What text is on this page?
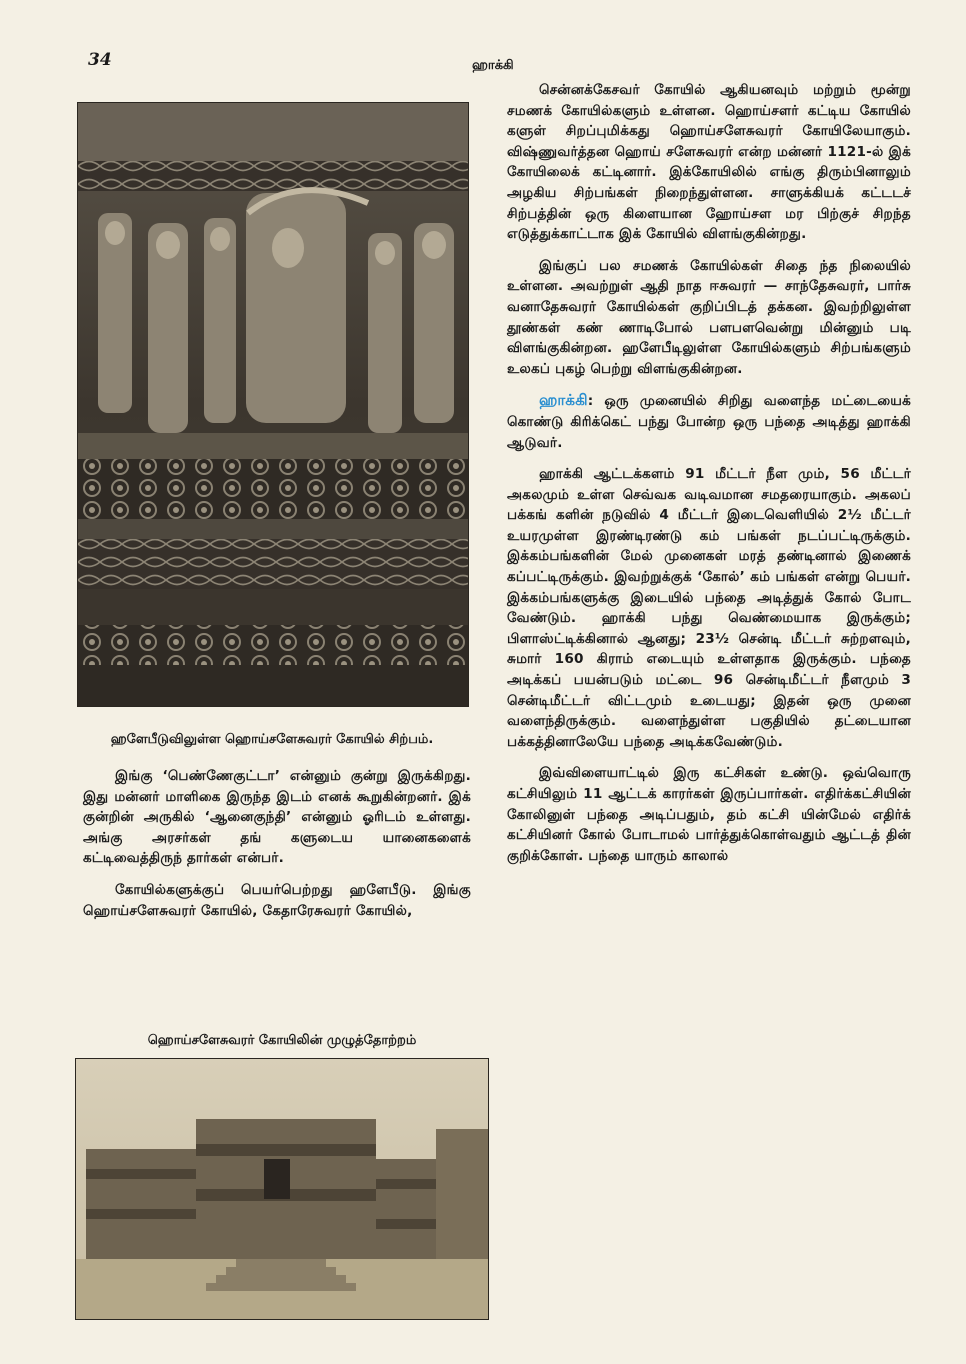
34	ஹாக்கி
ஹளேபீடுவிலுள்ள ஹொய்சளேசுவரர் கோயில் சிற்பம்.

இங்கு ‘பெண்ணேகுட்டா’ என்னும் குன்று இருக்கிறது. இது மன்னர் மாளிகை இருந்த இடம் எனக் கூறுகின்றனர். இக் குன்றின் அருகில் ‘ஆனைகுந்தி’ என்னும் ஓரிடம் உள்ளது. அங்கு அரசர்கள் தங் களுடைய யானைகளைக் கட்டிவைத்திருந் தார்கள் என்பர்.

கோயில்களுக்குப் பெயர்பெற்றது ஹளேபீடு. இங்கு ஹொய்சளேசுவரர் கோயில், கேதாரேசுவரர் கோயில்,

ஹொய்சளேசுவரர் கோயிலின் முழுத்தோற்றம்

சென்னக்கேசவர் கோயில் ஆகியனவும் மற்றும் மூன்று சமணக் கோயில்களும் உள்ளன. ஹொய்சளர் கட்டிய கோயில் களுள் சிறப்புமிக்கது ஹொய்சளேசுவரர் கோயிலேயாகும். விஷ்ணுவர்த்தன ஹொய் சளேசுவரர் என்ற மன்னர் 1121-ல் இக் கோயிலைக் கட்டினார். இக்கோயிலில் எங்கு திரும்பினாலும் அழகிய சிற்பங்கள் நிறைந்துள்ளன. சாளுக்கியக் கட்டடச் சிற்பத்தின் ஒரு கிளையான ஹோய்சள மர பிற்குச் சிறந்த எடுத்துக்காட்டாக இக் கோயில் விளங்குகின்றது.

இங்குப் பல சமணக் கோயில்கள் சிதை ந்த நிலையில் உள்ளன. அவற்றுள் ஆதி நாத ஈசுவரர் — சாந்தேசுவரர், பார்சு வனாதேசுவரர் கோயில்கள் குறிப்பிடத் தக்கன. இவற்றிலுள்ள தூண்கள் கண் ணாடிபோல் பளபளவென்று மின்னும் படி விளங்குகின்றன. ஹளேபீடிலுள்ள கோயில்களும் சிற்பங்களும் உலகப் புகழ் பெற்று விளங்குகின்றன.

ஹாக்கி: ஒரு முனையில் சிறிது வளைந்த மட்டையைக் கொண்டு கிரிக்கெட் பந்து போன்ற ஒரு பந்தை அடித்து ஹாக்கி ஆடுவர்.

ஹாக்கி ஆட்டக்களம் 91 மீட்டர் நீள மும், 56 மீட்டர் அகலமும் உள்ள செவ்வக வடிவமான சமதரையாகும். அகலப் பக்கங் களின் நடுவில் 4 மீட்டர் இடைவெளியில் 2½ மீட்டர் உயரமுள்ள இரண்டிரண்டு கம் பங்கள் நடப்பட்டிருக்கும். இக்கம்பங்களின் மேல் முனைகள் மரத் தண்டினால் இணைக் கப்பட்டிருக்கும். இவற்றுக்குக் ‘கோல்’ கம் பங்கள் என்று பெயர். இக்கம்பங்களுக்கு இடையில் பந்தை அடித்துக் கோல் போட வேண்டும். ஹாக்கி பந்து வெண்மையாக இருக்கும்; பிளாஸ்ட்டிக்கினால் ஆனது; 23½ சென்டி மீட்டர் சுற்றளவும், சுமார் 160 கிராம் எடையும் உள்ளதாக இருக்கும். பந்தை அடிக்கப் பயன்படும் மட்டை 96 சென்டிமீட்டர் நீளமும் 3 சென்டிமீட்டர் விட்டமும் உடையது; இதன் ஒரு முனை வளைந்திருக்கும். வளைந்துள்ள பகுதியில் தட்டையான பக்கத்தினாலேயே பந்தை அடிக்கவேண்டும்.

இவ்விளையாட்டில் இரு கட்சிகள் உண்டு. ஒவ்வொரு கட்சியிலும் 11 ஆட்டக் காரர்கள் இருப்பார்கள். எதிர்க்கட்சியின் கோலினுள் பந்தை அடிப்பதும், தம் கட்சி யின்மேல் எதிர்க் கட்சியினர் கோல் போடாமல் பார்த்துக்கொள்வதும் ஆட்டத் தின் குறிக்கோள். பந்தை யாரும் காலால்
